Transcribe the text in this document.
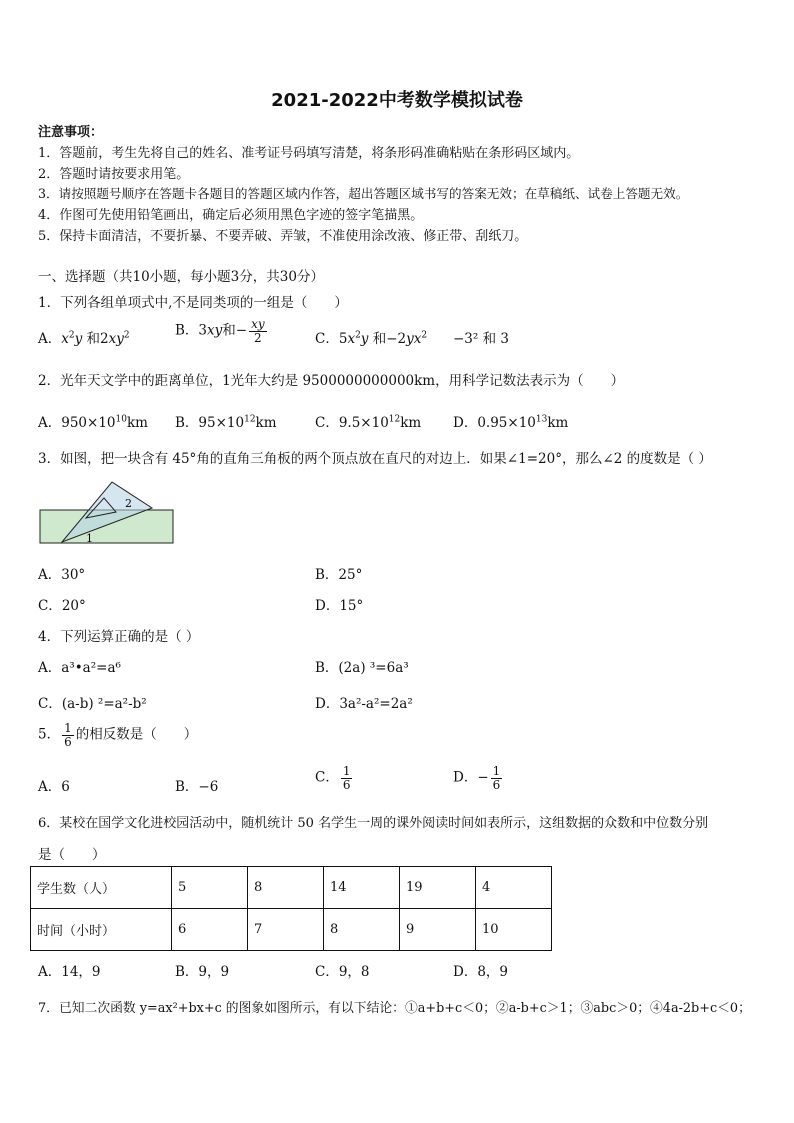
2021-2022中考数学模拟试卷
注意事项：
1．答题前，考生先将自己的姓名、准考证号码填写清楚，将条形码准确粘贴在条形码区域内。
2．答题时请按要求用笔。
3．请按照题号顺序在答题卡各题目的答题区域内作答，超出答题区域书写的答案无效；在草稿纸、试卷上答题无效。
4．作图可先使用铅笔画出，确定后必须用黑色字迹的签字笔描黑。
5．保持卡面清洁，不要折暴、不要弄破、弄皱，不准使用涂改液、修正带、刮纸刀。
一、选择题（共10小题，每小题3分，共30分）
1．下列各组单项式中,不是同类项的一组是（　　）
A．$x^2y$ 和$2xy^2$	B．3xy和− $\frac{xy}{2}$	C．$5x^2y$ 和$-2yx^2 -3^2$ 和 3
2．光年天文学中的距离单位，1光年大约是 9500000000000km，用科学记数法表示为（　　）
A．$950\times 10^{10}km$ B．$95\times 10^{12}km$	C．$9.5\times 10^{12}km$ D．$0.95\times 10^{13}km$
3．如图，把一块含有 45°角的直角三角板的两个顶点放在直尺的对边上．如果∠1=20°，那么∠2 的度数是（ ）
2
1
A．30°	B．25°
C．20°	D．15°
4．下列运算正确的是（ ）
A．a³•a²=a⁶	B．(2a) ³=6a³
C．(a-b) ²=a²-b²	D．3a²-a²=2a²
5． $\frac{1}{6}$ 的相反数是（　　）
A．6	B．−6
C． $\frac{1}{6}$	D．− $\frac{1}{6}$
6．某校在国学文化进校园活动中，随机统计 50 名学生一周的课外阅读时间如表所示，这组数据的众数和中位数分别
是（　　）
学生数（人）	5	8	14	19	4
时间（小时）	6	7	8	9	10
A．14，9	B．9，9	C．9，8	D．8，9
7．已知二次函数 y=ax²+bx+c 的图象如图所示，有以下结论：①a+b+c＜0；②a-b+c＞1；③abc＞0；④4a-2b+c＜0；
